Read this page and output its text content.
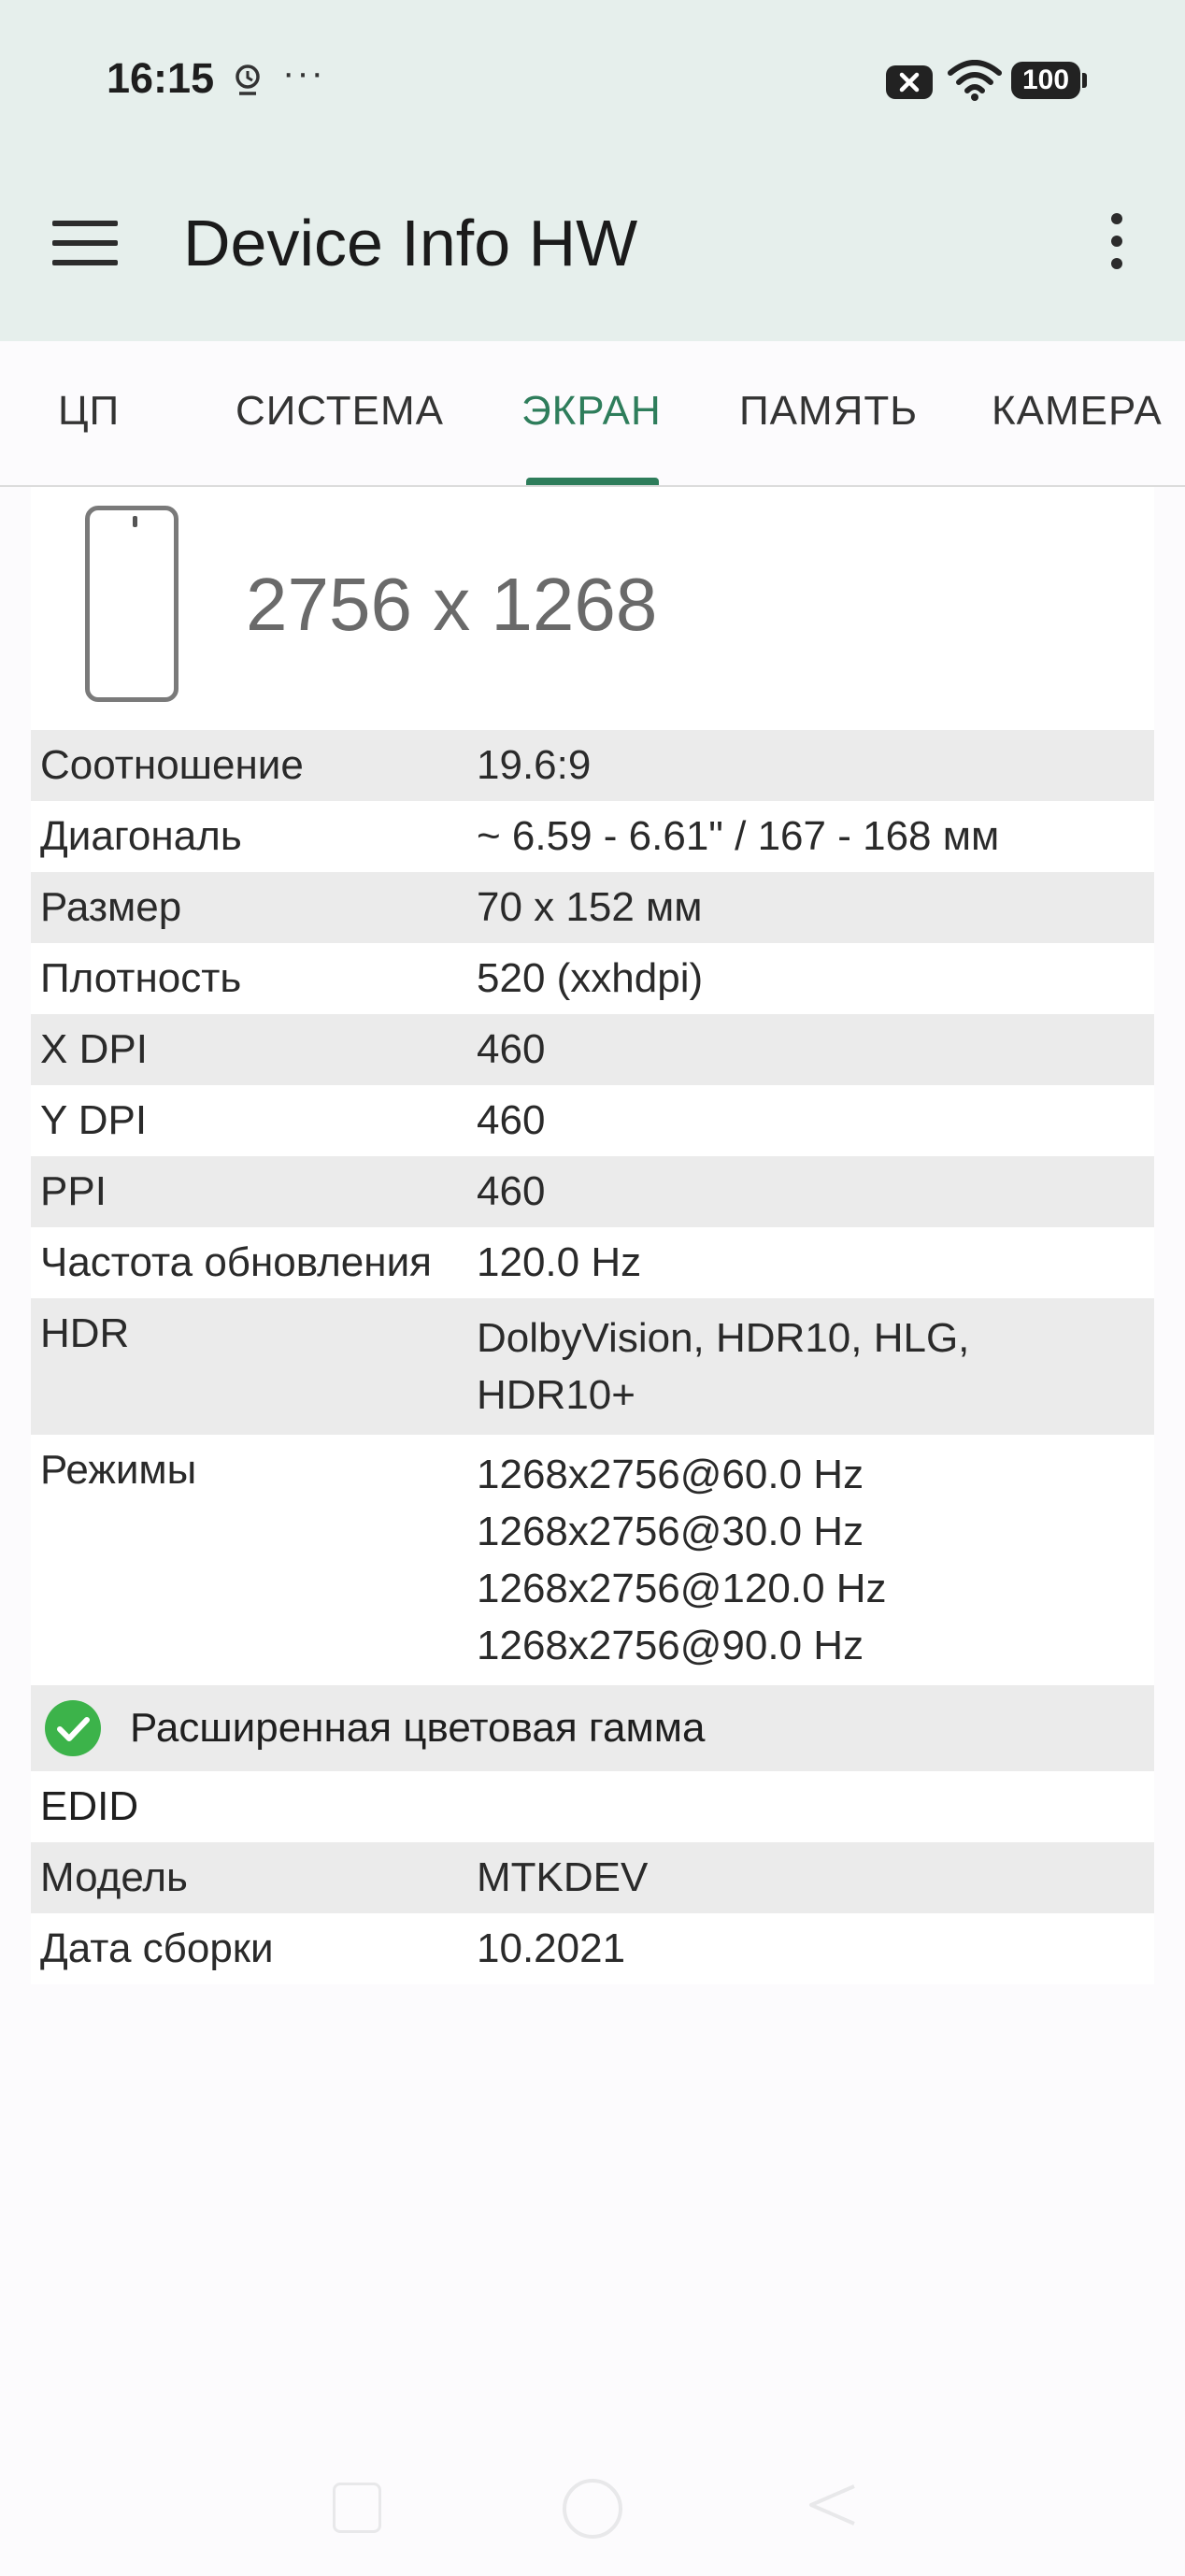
16:15 ···	100
Device Info HW
ЦП	СИСТЕМА ЭКРАН ПАМЯТЬ КАМЕРА
2756 x 1268
Соотношение	19.6:9
Диагональ	~ 6.59 - 6.61" / 167 - 168 мм
Размер	70 x 152 мм
Плотность	520 (xxhdpi)
X DPI	460
Y DPI	460
PPI	460
Частота обновления	120.0 Hz
HDR	DolbyVision, HDR10, HLG,
HDR10+
Режимы	1268x2756@60.0 Hz
1268x2756@30.0 Hz
1268x2756@120.0 Hz
1268x2756@90.0 Hz
Расширенная цветовая гамма
EDID
Модель	MTKDEV
Дата сборки	10.2021
